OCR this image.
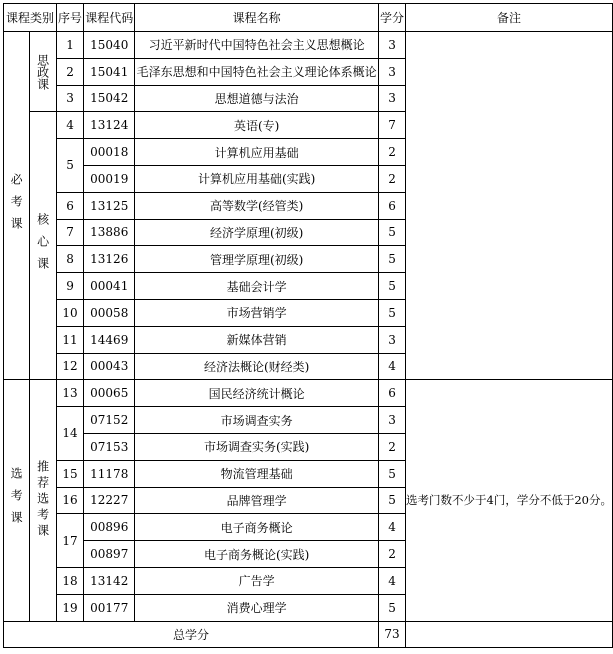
课程类别		序号	课程代码	课程名称	学分	备注

必考课	思政课	1	15040	习近平新时代中国特色社会主义思想概论	3	
		2	15041	毛泽东思想和中国特色社会主义理论体系概论	3	
		3	15042	思想道德与法治	3	

	核心课	4	13124	英语(专)	7	
		5	00018	计算机应用基础	2	
			00019	计算机应用基础(实践)	2	
		6	13125	高等数学(经管类)	6	
		7	13886	经济学原理(初级)	5	
		8	13126	管理学原理(初级)	5	
		9	00041	基础会计学	5	
		10	00058	市场营销学	5	
		11	14469	新媒体营销	3	
		12	00043	经济法概论(财经类)	4	

选考课	推荐选考课	13	00065	国民经济统计概论	6	选考门数不少于4门，学分不低于20分。
		14	07152	市场调查实务	3	
			07153	市场调查实务(实践)	2	
		15	11178	物流管理基础	5	
		16	12227	品牌管理学	5	
		17	00896	电子商务概论	4	
			00897	电子商务概论(实践)	2	
		18	13142	广告学	4	
		19	00177	消费心理学	5	
总学分					73	
